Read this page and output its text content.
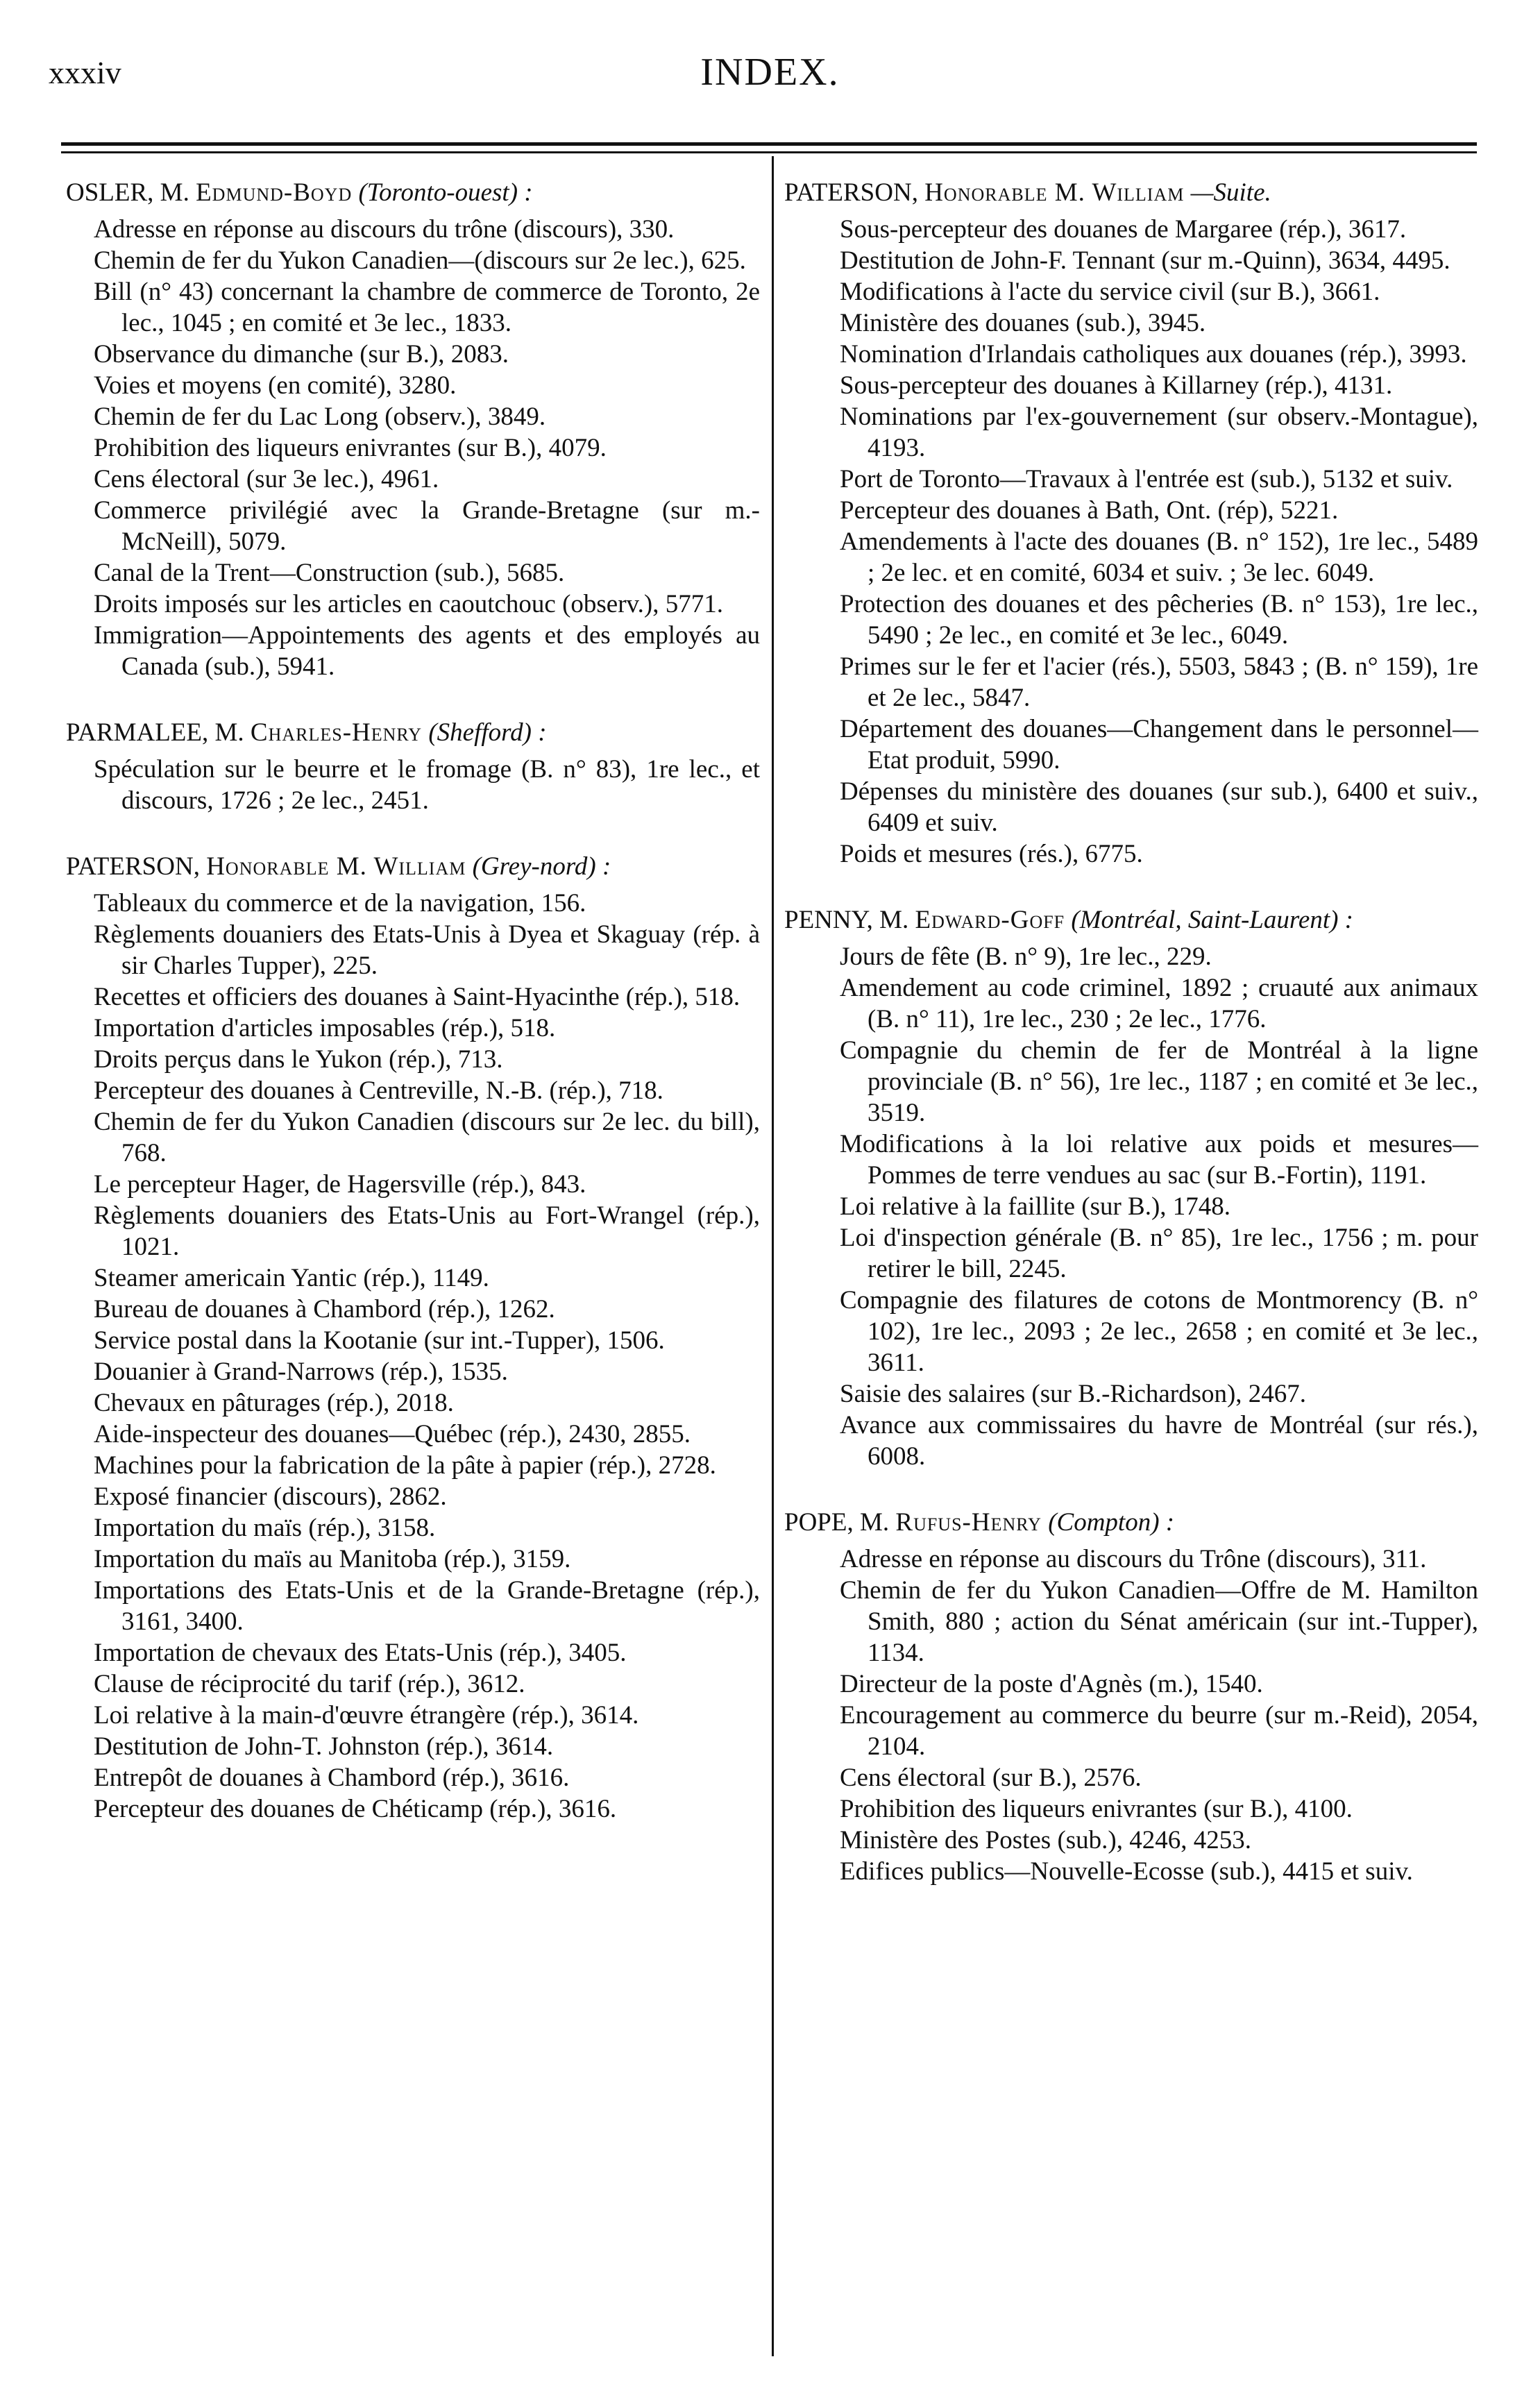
xxxiv	INDEX.
OSLER, M. Edmund-Boyd (Toronto-ouest) :
Adresse en réponse au discours du trône (discours), 330.
Chemin de fer du Yukon Canadien—(discours sur 2e lec.), 625.
Bill (n° 43) concernant la chambre de commerce de Toronto, 2e lec., 1045 ; en comité et 3e lec., 1833.
Observance du dimanche (sur B.), 2083.
Voies et moyens (en comité), 3280.
Chemin de fer du Lac Long (observ.), 3849.
Prohibition des liqueurs enivrantes (sur B.), 4079.
Cens électoral (sur 3e lec.), 4961.
Commerce privilégié avec la Grande-Bretagne (sur m.-McNeill), 5079.
Canal de la Trent—Construction (sub.), 5685.
Droits imposés sur les articles en caoutchouc (observ.), 5771.
Immigration—Appointements des agents et des employés au Canada (sub.), 5941.
PARMALEE, M. Charles-Henry (Shefford) :
Spéculation sur le beurre et le fromage (B. n° 83), 1re lec., et discours, 1726 ; 2e lec., 2451.
PATERSON, Honorable M. William (Grey-nord) :
Tableaux du commerce et de la navigation, 156.
Règlements douaniers des Etats-Unis à Dyea et Skaguay (rép. à sir Charles Tupper), 225.
Recettes et officiers des douanes à Saint-Hyacinthe (rép.), 518.
Importation d'articles imposables (rép.), 518.
Droits perçus dans le Yukon (rép.), 713.
Percepteur des douanes à Centreville, N.-B. (rép.), 718.
Chemin de fer du Yukon Canadien (discours sur 2e lec. du bill), 768.
Le percepteur Hager, de Hagersville (rép.), 843.
Règlements douaniers des Etats-Unis au Fort-Wrangel (rép.), 1021.
Steamer americain Yantic (rép.), 1149.
Bureau de douanes à Chambord (rép.), 1262.
Service postal dans la Kootanie (sur int.-Tupper), 1506.
Douanier à Grand-Narrows (rép.), 1535.
Chevaux en pâturages (rép.), 2018.
Aide-inspecteur des douanes—Québec (rép.), 2430, 2855.
Machines pour la fabrication de la pâte à papier (rép.), 2728.
Exposé financier (discours), 2862.
Importation du maïs (rép.), 3158.
Importation du maïs au Manitoba (rép.), 3159.
Importations des Etats-Unis et de la Grande-Bretagne (rép.), 3161, 3400.
Importation de chevaux des Etats-Unis (rép.), 3405.
Clause de réciprocité du tarif (rép.), 3612.
Loi relative à la main-d'œuvre étrangère (rép.), 3614.
Destitution de John-T. Johnston (rép.), 3614.
Entrepôt de douanes à Chambord (rép.), 3616.
Percepteur des douanes de Chéticamp (rép.), 3616.
PATERSON, Honorable M. William —Suite.
Sous-percepteur des douanes de Margaree (rép.), 3617.
Destitution de John-F. Tennant (sur m.-Quinn), 3634, 4495.
Modifications à l'acte du service civil (sur B.), 3661.
Ministère des douanes (sub.), 3945.
Nomination d'Irlandais catholiques aux douanes (rép.), 3993.
Sous-percepteur des douanes à Killarney (rép.), 4131.
Nominations par l'ex-gouvernement (sur observ.-Montague), 4193.
Port de Toronto—Travaux à l'entrée est (sub.), 5132 et suiv.
Percepteur des douanes à Bath, Ont. (rép), 5221.
Amendements à l'acte des douanes (B. n° 152), 1re lec., 5489 ; 2e lec. et en comité, 6034 et suiv. ; 3e lec. 6049.
Protection des douanes et des pêcheries (B. n° 153), 1re lec., 5490 ; 2e lec., en comité et 3e lec., 6049.
Primes sur le fer et l'acier (rés.), 5503, 5843 ; (B. n° 159), 1re et 2e lec., 5847.
Département des douanes—Changement dans le personnel—Etat produit, 5990.
Dépenses du ministère des douanes (sur sub.), 6400 et suiv., 6409 et suiv.
Poids et mesures (rés.), 6775.
PENNY, M. Edward-Goff (Montréal, Saint-Laurent) :
Jours de fête (B. n° 9), 1re lec., 229.
Amendement au code criminel, 1892 ; cruauté aux animaux (B. n° 11), 1re lec., 230 ; 2e lec., 1776.
Compagnie du chemin de fer de Montréal à la ligne provinciale (B. n° 56), 1re lec., 1187 ; en comité et 3e lec., 3519.
Modifications à la loi relative aux poids et mesures—Pommes de terre vendues au sac (sur B.-Fortin), 1191.
Loi relative à la faillite (sur B.), 1748.
Loi d'inspection générale (B. n° 85), 1re lec., 1756 ; m. pour retirer le bill, 2245.
Compagnie des filatures de cotons de Montmorency (B. n° 102), 1re lec., 2093 ; 2e lec., 2658 ; en comité et 3e lec., 3611.
Saisie des salaires (sur B.-Richardson), 2467.
Avance aux commissaires du havre de Montréal (sur rés.), 6008.
POPE, M. Rufus-Henry (Compton) :
Adresse en réponse au discours du Trône (discours), 311.
Chemin de fer du Yukon Canadien—Offre de M. Hamilton Smith, 880 ; action du Sénat américain (sur int.-Tupper), 1134.
Directeur de la poste d'Agnès (m.), 1540.
Encouragement au commerce du beurre (sur m.-Reid), 2054, 2104.
Cens électoral (sur B.), 2576.
Prohibition des liqueurs enivrantes (sur B.), 4100.
Ministère des Postes (sub.), 4246, 4253.
Edifices publics—Nouvelle-Ecosse (sub.), 4415 et suiv.
